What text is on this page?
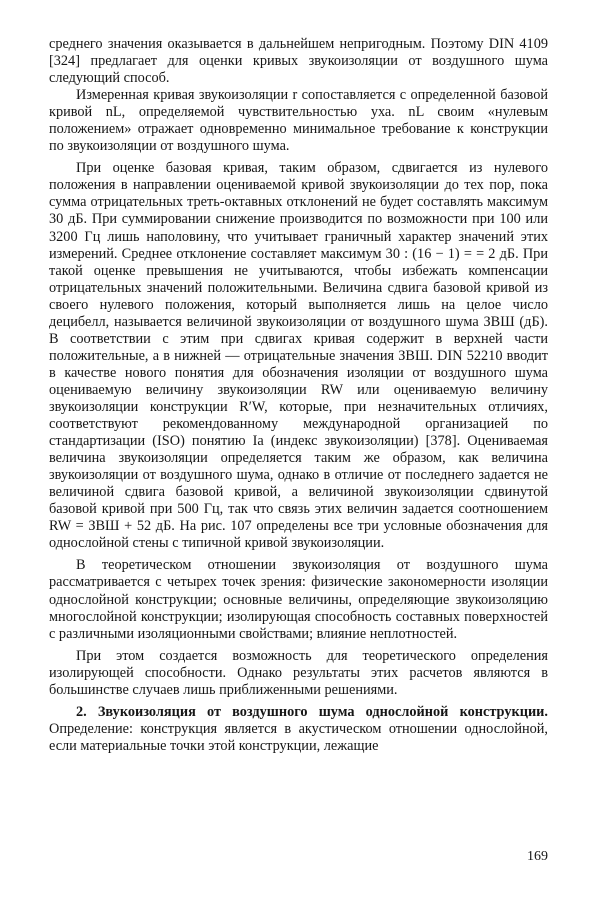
среднего значения оказывается в дальнейшем непригодным. Поэтому DIN 4109 [324] предлагает для оценки кривых звукоизоляции от воздушного шума следующий способ.

Измеренная кривая звукоизоляции r сопоставляется с определенной базовой кривой nL, определяемой чувствительностью уха. nL своим «нулевым положением» отражает одновременно минимальное требование к конструкции по звукоизоляции от воздушного шума.

При оценке базовая кривая, таким образом, сдвигается из нулевого положения в направлении оцениваемой кривой звукоизоляции до тех пор, пока сумма отрицательных треть-октавных отклонений не будет составлять максимум 30 дБ. При суммировании снижение производится по возможности при 100 или 3200 Гц лишь наполовину, что учитывает граничный характер значений этих измерений. Среднее отклонение составляет максимум 30 : (16 − 1) = = 2 дБ. При такой оценке превышения не учитываются, чтобы избежать компенсации отрицательных значений положительными. Величина сдвига базовой кривой из своего нулевого положения, который выполняется лишь на целое число децибелл, называется величиной звукоизоляции от воздушного шума ЗВШ (дБ). В соответствии с этим при сдвигах кривая содержит в верхней части положительные, а в нижней — отрицательные значения ЗВШ. DIN 52210 вводит в качестве нового понятия для обозначения изоляции от воздушного шума оцениваемую величину звукоизоляции RW или оцениваемую величину звукоизоляции конструкции R′W, которые, при незначительных отличиях, соответствуют рекомендованному международной организацией по стандартизации (ISO) понятию Ia (индекс звукоизоляции) [378]. Оцениваемая величина звукоизоляции определяется таким же образом, как величина звукоизоляции от воздушного шума, однако в отличие от последнего задается не величиной сдвига базовой кривой, а величиной звукоизоляции сдвинутой базовой кривой при 500 Гц, так что связь этих величин задается соотношением RW = ЗВШ + 52 дБ. На рис. 107 определены все три условные обозначения для однослойной стены с типичной кривой звукоизоляции.

В теоретическом отношении звукоизоляция от воздушного шума рассматривается с четырех точек зрения: физические закономерности изоляции однослойной конструкции; основные величины, определяющие звукоизоляцию многослойной конструкции; изолирующая способность составных поверхностей с различными изоляционными свойствами; влияние неплотностей.

При этом создается возможность для теоретического определения изолирующей способности. Однако результаты этих расчетов являются в большинстве случаев лишь приближенными решениями.

2. Звукоизоляция от воздушного шума однослойной конструкции. Определение: конструкция является в акустическом отношении однослойной, если материальные точки этой конструкции, лежащие

169
